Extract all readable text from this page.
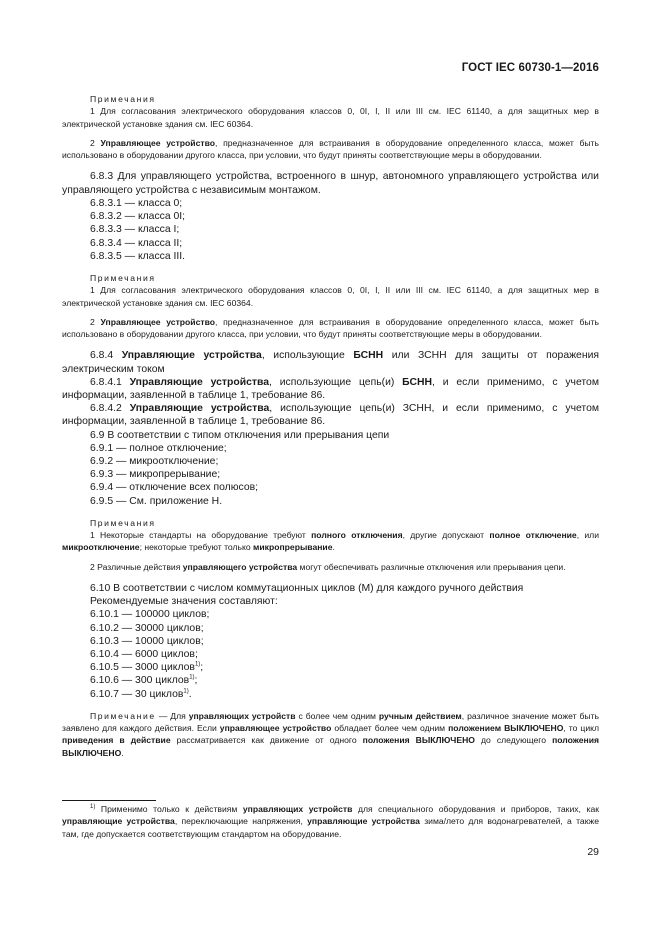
ГОСТ IEC 60730-1—2016
Примечания

1 Для согласования электрического оборудования классов 0, 0I, I, II или III см. IEC 61140, а для защитных мер в электрической установке здания см. IEC 60364.

2 Управляющее устройство, предназначенное для встраивания в оборудование определенного класса, может быть использовано в оборудовании другого класса, при условии, что будут приняты соответствующие меры в оборудовании.

6.8.3 Для управляющего устройства, встроенного в шнур, автономного управляющего устройства или управляющего устройства с независимым монтажом.

6.8.3.1 — класса 0;
6.8.3.2 — класса 0I;
6.8.3.3 — класса I;
6.8.3.4 — класса II;
6.8.3.5 — класса III.
Примечания

1 Для согласования электрического оборудования классов 0, 0I, I, II или III см. IEC 61140, а для защитных мер в электрической установке здания см. IEC 60364.

2 Управляющее устройство, предназначенное для встраивания в оборудование определенного класса, может быть использовано в оборудовании другого класса, при условии, что будут приняты соответствующие меры в оборудовании.

6.8.4 Управляющие устройства, использующие БСНН или ЗСНН для защиты от поражения электрическим током

6.8.4.1 Управляющие устройства, использующие цепь(и) БСНН, и если применимо, с учетом информации, заявленной в таблице 1, требование 86.

6.8.4.2 Управляющие устройства, использующие цепь(и) ЗСНН, и если применимо, с учетом информации, заявленной в таблице 1, требование 86.

6.9 В соответствии с типом отключения или прерывания цепи

6.9.1 — полное отключение;
6.9.2 — микроотключение;
6.9.3 — микропрерывание;
6.9.4 — отключение всех полюсов;
6.9.5 — См. приложение Н.
Примечания

1 Некоторые стандарты на оборудование требуют полного отключения, другие допускают полное отключение, или микроотключение; некоторые требуют только микропрерывание.

2 Различные действия управляющего устройства могут обеспечивать различные отключения или прерывания цепи.

6.10 В соответствии с числом коммутационных циклов (М) для каждого ручного действия

Рекомендуемые значения составляют:
6.10.1 — 100000 циклов;
6.10.2 — 30000 циклов;
6.10.3 — 10000 циклов;
6.10.4 — 6000 циклов;
6.10.5 — 3000 циклов$^{1)}$;
6.10.6 — 300 циклов$^{1)}$;
6.10.7 — 30 циклов$^{1)}$.

Примечание — Для управляющих устройств с более чем одним ручным действием, различное значение может быть заявлено для каждого действия. Если управляющее устройство обладает более чем одним положением ВЫКЛЮЧЕНО, то цикл приведения в действие рассматривается как движение от одного положения ВЫКЛЮЧЕНО до следующего положения ВЫКЛЮЧЕНО.

$^{1)}$ Применимо только к действиям управляющих устройств для специального оборудования и приборов, таких, как управляющие устройства, переключающие напряжения, управляющие устройства зима/лето для водонагревателей, а также там, где допускается соответствующим стандартом на оборудование.

29
